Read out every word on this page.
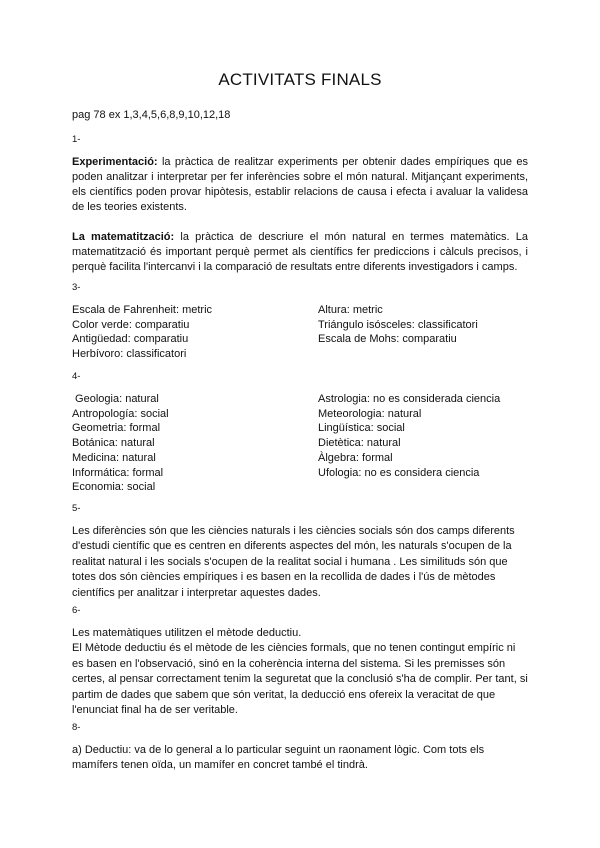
ACTIVITATS FINALS

pag 78 ex 1,3,4,5,6,8,9,10,12,18

1-

Experimentació: la pràctica de realitzar experiments per obtenir dades empíriques que es poden analitzar i interpretar per fer inferències sobre el món natural. Mitjançant experiments, els científics poden provar hipòtesis, establir relacions de causa i efecta i avaluar la validesa de les teories existents.

La matematització: la pràctica de descriure el món natural en termes matemàtics. La matematització és important perquè permet als científics fer prediccions i càlculs precisos, i perquè facilita l'intercanvi i la comparació de resultats entre diferents investigadors i camps.

3-

Escala de Fahrenheit: metric	Altura: metric
Color verde: comparatiu	Triángulo isósceles: classificatori
Antigüedad: comparatiu	Escala de Mohs: comparatiu
Herbívoro: classificatori

4-

Geologia: natural	Astrologia: no es considerada ciencia
Antropología: social	Meteorologia: natural
Geometria: formal	Lingüística: social
Botánica: natural	Dietètica: natural
Medicina: natural	Àlgebra: formal
Informática: formal	Ufologia: no es considera ciencia
Economia: social

5-

Les diferències són que les ciències naturals i les ciències socials són dos camps diferents d'estudi científic que es centren en diferents aspectes del món, les naturals s'ocupen de la realitat natural i les socials s'ocupen de la realitat social i humana . Les similituds són que totes dos són ciències empíriques i es basen en la recollida de dades i l'ús de mètodes científics per analitzar i interpretar aquestes dades.

6-

Les matemàtiques utilitzen el mètode deductiu.

El Mètode deductiu és el mètode de les ciències formals, que no tenen contingut empíric ni es basen en l'observació, sinó en la coherència interna del sistema. Si les premisses són certes, al pensar correctament tenim la seguretat que la conclusió s'ha de complir. Per tant, si partim de dades que sabem que són veritat, la deducció ens ofereix la veracitat de que l'enunciat final ha de ser veritable.

8-

a) Deductiu: va de lo general a lo particular seguint un raonament lògic. Com tots els mamífers tenen oïda, un mamífer en concret també el tindrà.
